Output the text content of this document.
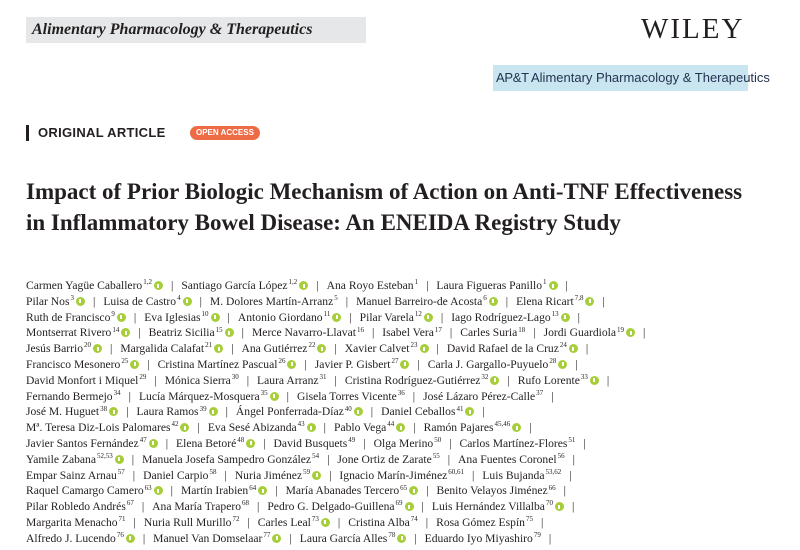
Alimentary Pharmacology & Therapeutics	WILEY
AP&T Alimentary Pharmacology & Therapeutics
ORIGINAL ARTICLE	OPEN ACCESS
Impact of Prior Biologic Mechanism of Action on Anti-TNF Effectiveness in Inflammatory Bowel Disease: An ENEIDA Registry Study
Carmen Yagüe Caballero$^{1,2}$ | Santiago García López$^{1,2}$ | Ana Royo Esteban$^1$ | Laura Figueras Panillo$^1$ |
Pilar Nos$^3$ | Luisa de Castro$^4$ | M. Dolores Martín-Arranz$^5$ | Manuel Barreiro-de Acosta$^6$ | Elena Ricart$^{7,8}$ |
Ruth de Francisco$^9$ | Eva Iglesias$^{10}$ | Antonio Giordano$^{11}$ | Pilar Varela$^{12}$ | Iago Rodríguez-Lago$^{13}$ |
Montserrat Rivero$^{14}$ | Beatriz Sicilia$^{15}$ | Merce Navarro-Llavat$^{16}$ | Isabel Vera$^{17}$ | Carles Suria$^{18}$ | Jordi Guardiola$^{19}$ |
Jesús Barrio$^{20}$ | Margalida Calafat$^{21}$ | Ana Gutiérrez$^{22}$ | Xavier Calvet$^{23}$ | David Rafael de la Cruz$^{24}$ |
Francisco Mesonero$^{25}$ | Cristina Martínez Pascual$^{26}$ | Javier P. Gisbert$^{27}$ | Carla J. Gargallo-Puyuelo$^{28}$ |
David Monfort i Miquel$^{29}$ | Mónica Sierra$^{30}$ | Laura Arranz$^{31}$ | Cristina Rodríguez-Gutiérrez$^{32}$ | Rufo Lorente$^{33}$ |
Fernando Bermejo$^{34}$ | Lucía Márquez-Mosquera$^{35}$ | Gisela Torres Vicente$^{36}$ | José Lázaro Pérez-Calle$^{37}$ |
José M. Huguet$^{38}$ | Laura Ramos$^{39}$ | Ángel Ponferrada-Díaz$^{40}$ | Daniel Ceballos$^{41}$ |
Mª. Teresa Diz-Lois Palomares$^{42}$ | Eva Sesé Abizanda$^{43}$ | Pablo Vega$^{44}$ | Ramón Pajares$^{45,46}$ |
Javier Santos Fernández$^{47}$ | Elena Betoré$^{48}$ | David Busquets$^{49}$ | Olga Merino$^{50}$ | Carlos Martínez-Flores$^{51}$ |
Yamile Zabana$^{52,53}$ | Manuela Josefa Sampedro González$^{54}$ | Jone Ortiz de Zarate$^{55}$ | Ana Fuentes Coronel$^{56}$ |
Empar Sainz Arnau$^{57}$ | Daniel Carpio$^{58}$ | Nuria Jiménez$^{59}$ | Ignacio Marín-Jiménez$^{60,61}$ | Luis Bujanda$^{53,62}$ |
Raquel Camargo Camero$^{63}$ | Martín Irabien$^{64}$ | María Abanades Tercero$^{65}$ | Benito Velayos Jiménez$^{66}$ |
Pilar Robledo Andrés$^{67}$ | Ana María Trapero$^{68}$ | Pedro G. Delgado-Guillena$^{69}$ | Luis Hernández Villalba$^{70}$ |
Margarita Menacho$^{71}$ | Nuria Rull Murillo$^{72}$ | Carles Leal$^{73}$ | Cristina Alba$^{74}$ | Rosa Gómez Espín$^{75}$ |
Alfredo J. Lucendo$^{76}$ | Manuel Van Domselaar$^{77}$ | Laura García Alles$^{78}$ | Eduardo Iyo Miyashiro$^{79}$ |
